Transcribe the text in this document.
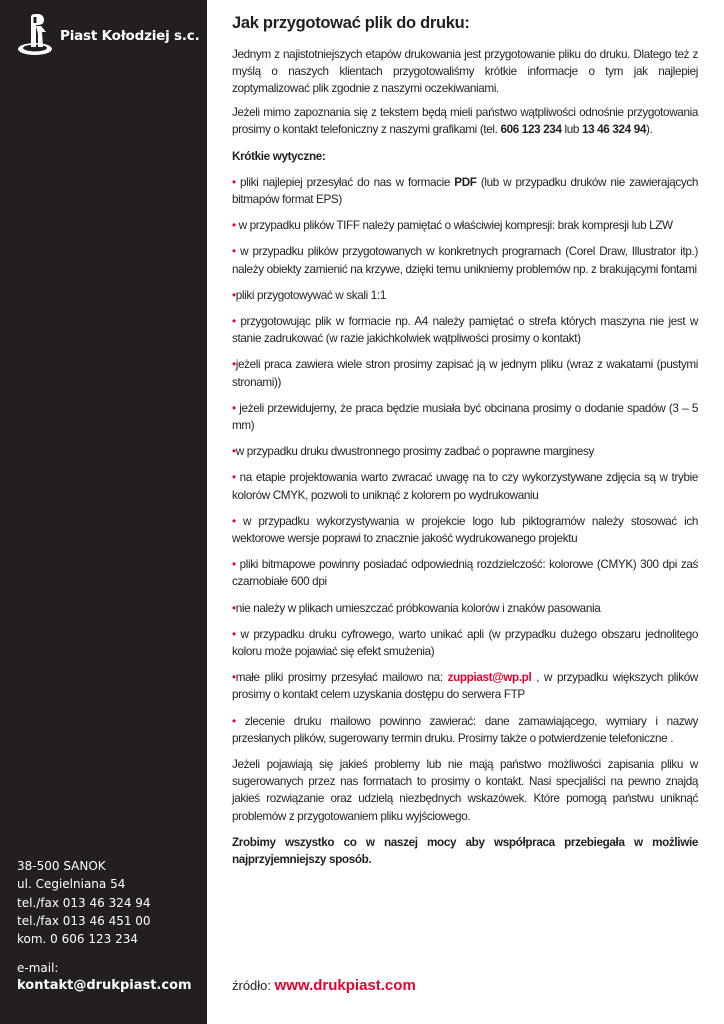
Piast Kołodziej s.c.
38-500 SANOK
ul. Cegielniana 54
tel./fax 013 46 324 94
tel./fax 013 46 451 00
kom. 0 606 123 234
e-mail:
kontakt@drukpiast.com
Jak przygotować plik do druku:

Jednym z najistotniejszych etapów drukowania jest przygotowanie pliku do druku. Dlatego też z myślą o naszych klientach przygotowaliśmy krótkie informacje o tym jak najlepiej zoptymalizować plik zgodnie z naszymi oczekiwaniami.

Jeżeli mimo zapoznania się z tekstem będą mieli państwo wątpliwości odnośnie przygotowania prosimy o kontakt telefoniczny z naszymi grafikami (tel. 606 123 234 lub 13 46 324 94).

Krótkie wytyczne:

• pliki najlepiej przesyłać do nas w formacie PDF (lub w przypadku druków nie zawierających bitmapów format EPS)

• w przypadku plików TIFF należy pamiętać o właściwiej kompresji: brak kompresji lub LZW

• w przypadku plików przygotowanych w konkretnych programach (Corel Draw, Illustrator itp.) należy obiekty zamienić na krzywe, dzięki temu unikniemy problemów np. z brakującymi fontami

•pliki przygotowywać w skali 1:1

• przygotowując plik w formacie np. A4 należy pamiętać o strefa których maszyna nie jest w stanie zadrukować (w razie jakichkolwiek wątpliwości prosimy o kontakt)

•jeżeli praca zawiera wiele stron prosimy zapisać ją w jednym pliku (wraz z wakatami (pustymi stronami))

• jeżeli przewidujemy, że praca będzie musiała być obcinana prosimy o dodanie spadów (3 – 5 mm)

•w przypadku druku dwustronnego prosimy zadbać o poprawne marginesy

• na etapie projektowania warto zwracać uwagę na to czy wykorzystywane zdjęcia są w trybie kolorów CMYK, pozwoli to uniknąć z kolorem po wydrukowaniu

• w przypadku wykorzystywania w projekcie logo lub piktogramów należy stosować ich wektorowe wersje poprawi to znacznie jakość wydrukowanego projektu

• pliki bitmapowe powinny posiadać odpowiednią rozdzielczość: kolorowe (CMYK) 300 dpi zaś czarnobiałe 600 dpi

•nie należy w plikach umieszczać próbkowania kolorów i znaków pasowania

• w przypadku druku cyfrowego, warto unikać apli (w przypadku dużego obszaru jednolitego koloru może pojawiać się efekt smużenia)

•małe pliki prosimy przesyłać mailowo na: zuppiast@wp.pl , w przypadku większych plików prosimy o kontakt celem uzyskania dostępu do serwera FTP

• zlecenie druku mailowo powinno zawierać: dane zamawiającego, wymiary i nazwy przesłanych plików, sugerowany termin druku. Prosimy także o potwierdzenie telefoniczne .

Jeżeli pojawiają się jakieś problemy lub nie mają państwo możliwości zapisania pliku w sugerowanych przez nas formatach to prosimy o kontakt. Nasi specjaliści na pewno znajdą jakieś rozwiązanie oraz udzielą niezbędnych wskazówek. Które pomogą państwu uniknąć problemów z przygotowaniem pliku wyjściowego.

Zrobimy wszystko co w naszej mocy aby współpraca przebiegała w możliwie najprzyjemniejszy sposób.

źródło: www.drukpiast.com
